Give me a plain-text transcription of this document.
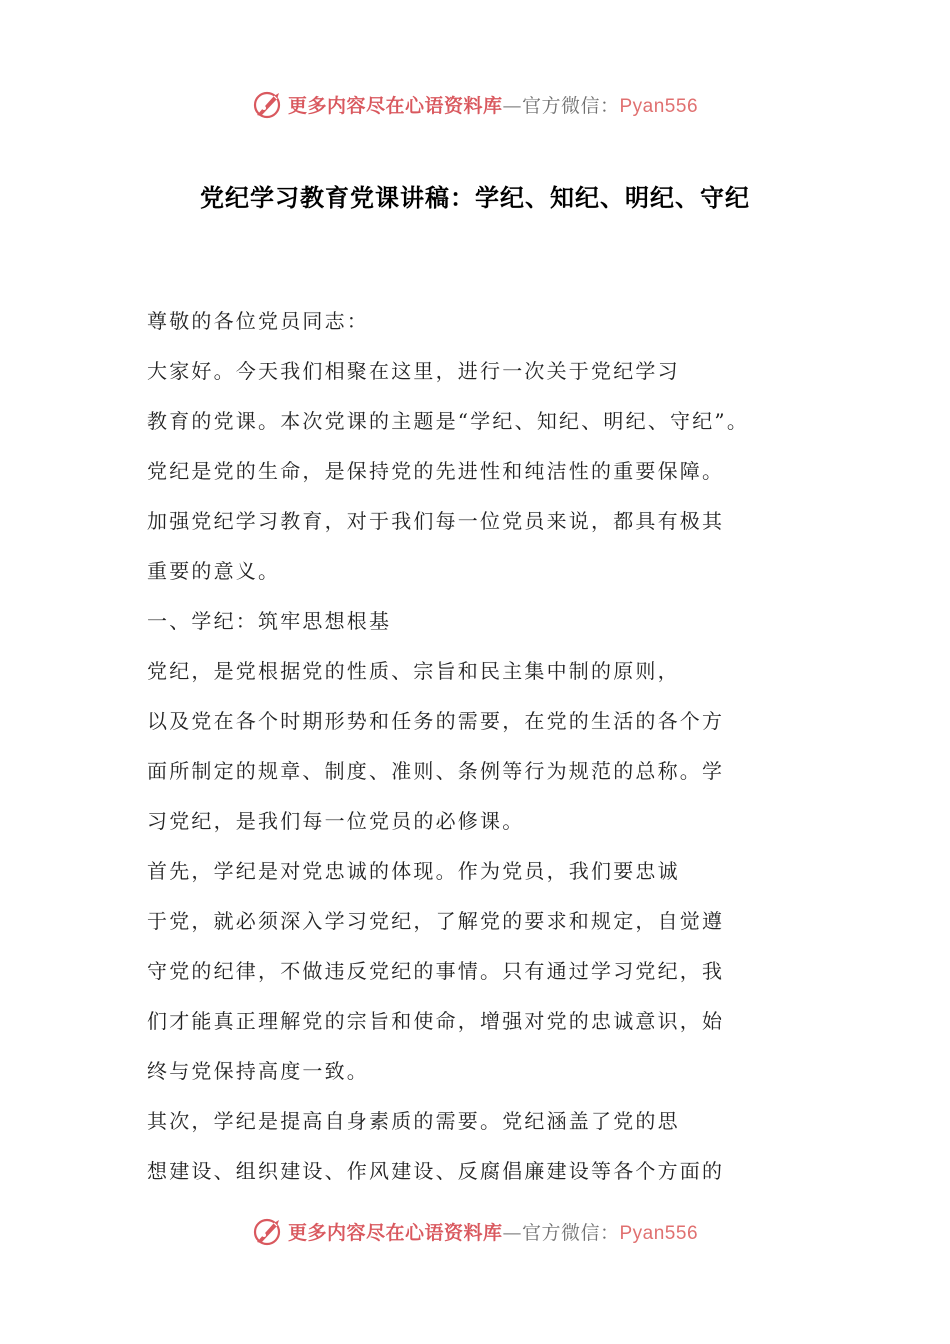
更多内容尽在心语资料库—官方微信：Pyan556
党纪学习教育党课讲稿：学纪、知纪、明纪、守纪
尊敬的各位党员同志：
大家好。今天我们相聚在这里，进行一次关于党纪学习
教育的党课。本次党课的主题是“学纪、知纪、明纪、守纪”。
党纪是党的生命，是保持党的先进性和纯洁性的重要保障。
加强党纪学习教育，对于我们每一位党员来说，都具有极其
重要的意义。
一、学纪：筑牢思想根基
党纪，是党根据党的性质、宗旨和民主集中制的原则，
以及党在各个时期形势和任务的需要，在党的生活的各个方
面所制定的规章、制度、准则、条例等行为规范的总称。学
习党纪，是我们每一位党员的必修课。
首先，学纪是对党忠诚的体现。作为党员，我们要忠诚
于党，就必须深入学习党纪，了解党的要求和规定，自觉遵
守党的纪律，不做违反党纪的事情。只有通过学习党纪，我
们才能真正理解党的宗旨和使命，增强对党的忠诚意识，始
终与党保持高度一致。
其次，学纪是提高自身素质的需要。党纪涵盖了党的思
想建设、组织建设、作风建设、反腐倡廉建设等各个方面的
更多内容尽在心语资料库—官方微信：Pyan556
